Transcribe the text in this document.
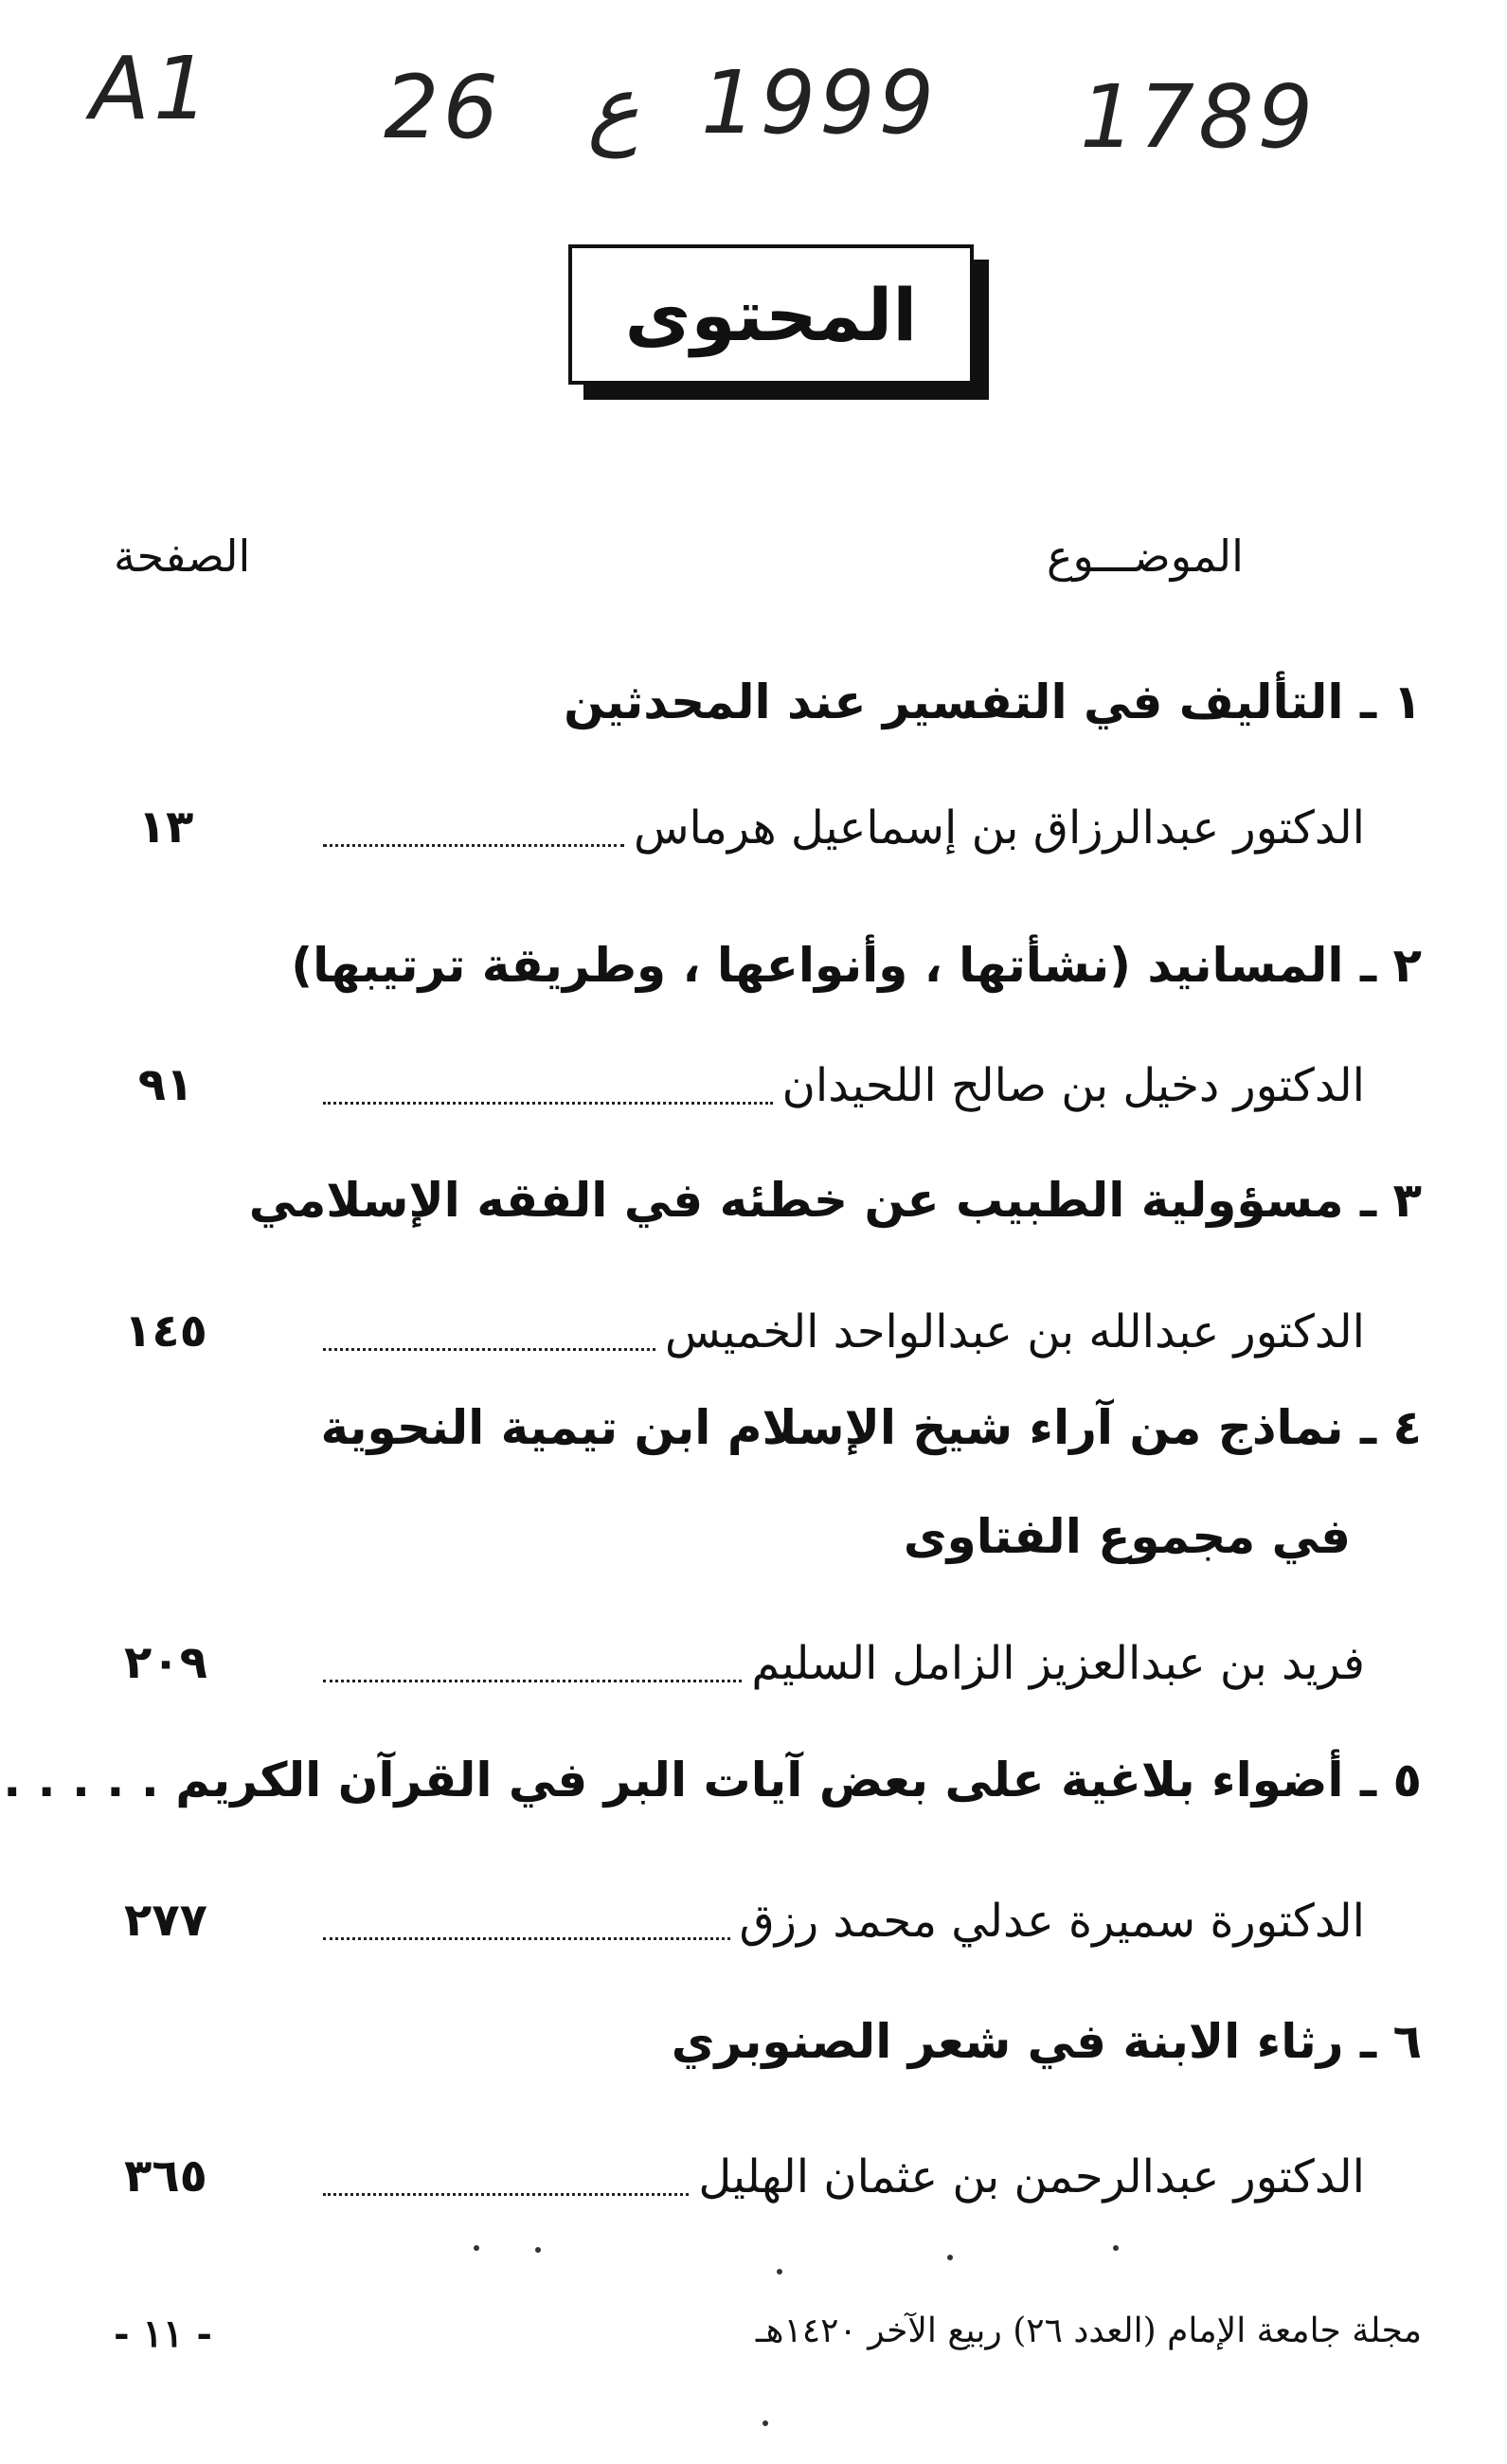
A1 26 ع 1999 1789
المحتوى
الموضـــوع
الصفحة
١ ـ التأليف في التفسير عند المحدثين
الدكتور عبدالرزاق بن إسماعيل هرماس
١٣
٢ ـ المسانيد (نشأتها ، وأنواعها ، وطريقة ترتيبها)
الدكتور دخيل بن صالح اللحيدان
٩١
٣ ـ مسؤولية الطبيب عن خطئه في الفقه الإسلامي
الدكتور عبدالله بن عبدالواحد الخميس
١٤٥
٤ ـ نماذج من آراء شيخ الإسلام ابن تيمية النحوية
في مجموع الفتاوى
فريد بن عبدالعزيز الزامل السليم
٢٠٩
٥ ـ أضواء بلاغية على بعض آيات البر في القرآن الكريم . . . . .
الدكتورة سميرة عدلي محمد رزق
٢٧٧
٦ ـ رثاء الابنة في شعر الصنوبري
الدكتور عبدالرحمن بن عثمان الهليل
٣٦٥
مجلة جامعة الإمام (العدد ٢٦) ربيع الآخر ١٤٢٠هـ
- ١١ -
